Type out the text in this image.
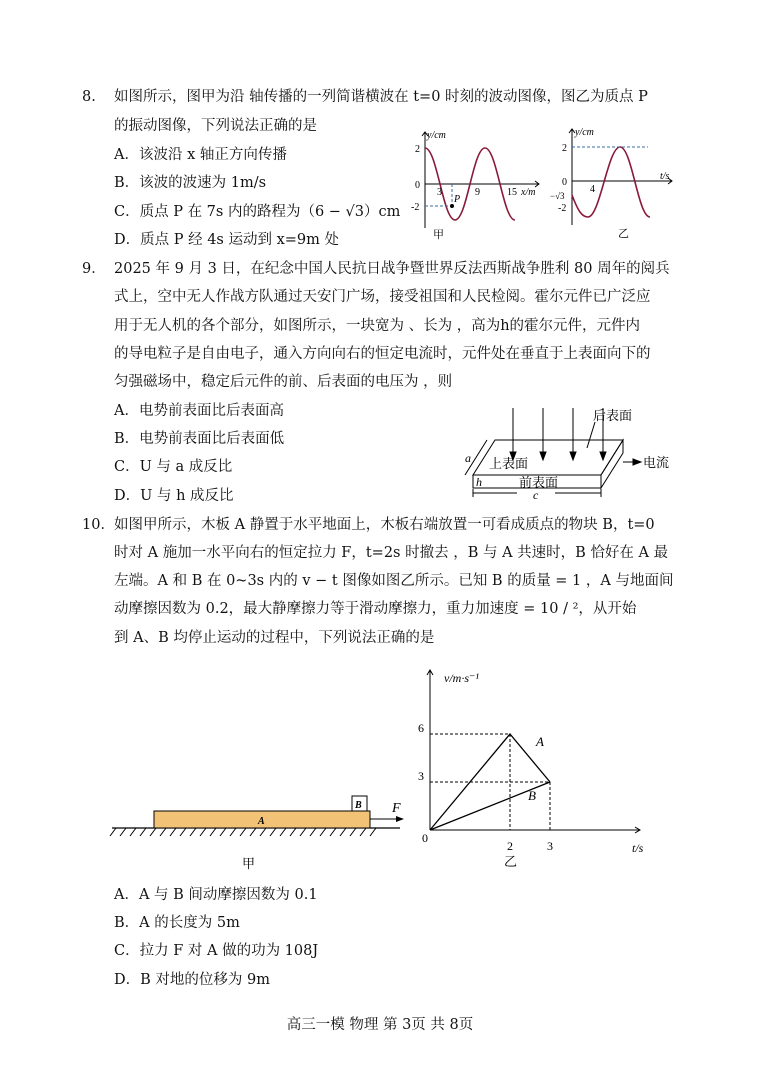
8. 如图所示，图甲为沿 轴传播的一列简谐横波在 t=0 时刻的波动图像，图乙为质点 P
的振动图像，下列说法正确的是
A．该波沿 x 轴正方向传播
B．该波的波速为 1m/s
C．质点 P 在 7s 内的路程为（6 − √3）cm
D．质点 P 经 4s 运动到 x=9m 处
y/cm
2
0
-2
3	9	15 x/m
P
甲
y/cm
2
0
−√3
-2
4
t/s
乙
9． 2025 年 9 月 3 日，在纪念中国人民抗日战争暨世界反法西斯战争胜利 80 周年的阅兵
式上，空中无人作战方队通过天安门广场，接受祖国和人民检阅。霍尔元件已广泛应
用于无人机的各个部分，如图所示，一块宽为 、长为 ，高为h的霍尔元件，元件内
的导电粒子是自由电子，通入方向向右的恒定电流时，元件处在垂直于上表面向下的
匀强磁场中，稳定后元件的前、后表面的电压为 ，则
A．电势前表面比后表面高
B．电势前表面比后表面低
C．U 与 a 成反比
D．U 与 h 成反比
后表面
上表面
前表面
电流
a
h
c
10． 如图甲所示，木板 A 静置于水平地面上，木板右端放置一可看成质点的物块 B，t=0
时对 A 施加一水平向右的恒定拉力 F，t=2s 时撤去 ，B 与 A 共速时，B 恰好在 A 最
左端。A 和 B 在 0~3s 内的 v − t 图像如图乙所示。已知 B 的质量 = 1 ，A 与地面间
动摩擦因数为 0.2，最大静摩擦力等于滑动摩擦力，重力加速度 = 10 / ²，从开始
到 A、B 均停止运动的过程中，下列说法正确的是
A
B F
甲
v/m·s⁻¹
t/s
0
6
3
2	3
A
B
乙
A．A 与 B 间动摩擦因数为 0.1
B．A 的长度为 5m
C．拉力 F 对 A 做的功为 108J
D．B 对地的位移为 9m
高三一模 物理 第 3页 共 8页
